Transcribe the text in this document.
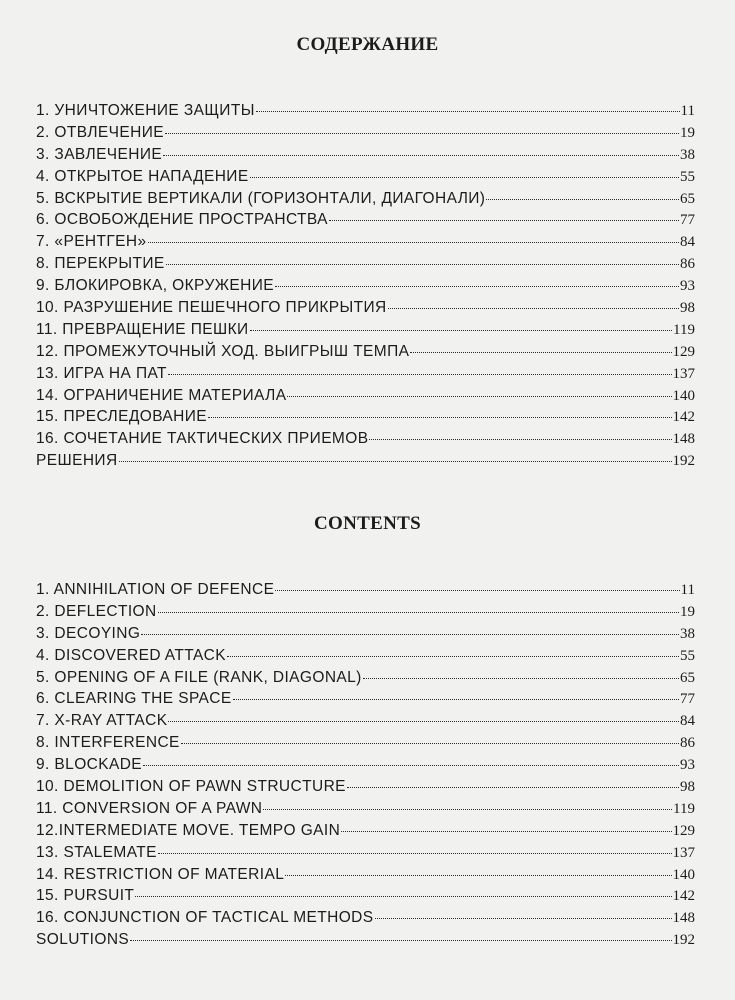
СОДЕРЖАНИЕ
1. УНИЧТОЖЕНИЕ ЗАЩИТЫ	11
2. ОТВЛЕЧЕНИЕ	19
3. ЗАВЛЕЧЕНИЕ	38
4. ОТКРЫТОЕ НАПАДЕНИЕ	55
5. ВСКРЫТИЕ ВЕРТИКАЛИ (ГОРИЗОНТАЛИ, ДИАГОНАЛИ)	65
6. ОСВОБОЖДЕНИЕ ПРОСТРАНСТВА	77
7. «РЕНТГЕН»	84
8. ПЕРЕКРЫТИЕ	86
9. БЛОКИРОВКА, ОКРУЖЕНИЕ	93
10. РАЗРУШЕНИЕ ПЕШЕЧНОГО ПРИКРЫТИЯ	98
11. ПРЕВРАЩЕНИЕ ПЕШКИ	119
12. ПРОМЕЖУТОЧНЫЙ ХОД. ВЫИГРЫШ ТЕМПА	129
13. ИГРА НА ПАТ	137
14. ОГРАНИЧЕНИЕ МАТЕРИАЛА	140
15. ПРЕСЛЕДОВАНИЕ	142
16. СОЧЕТАНИЕ ТАКТИЧЕСКИХ ПРИЕМОВ	148
РЕШЕНИЯ	192
CONTENTS
1. ANNIHILATION OF DEFENCE	11
2. DEFLECTION	19
3. DECOYING	38
4. DISCOVERED ATTACK	55
5. OPENING OF A FILE (RANK, DIAGONAL)	65
6. CLEARING THE SPACE	77
7. X-RAY ATTACK	84
8. INTERFERENCE	86
9. BLOCKADE	93
10. DEMOLITION OF PAWN STRUCTURE	98
11. CONVERSION OF A PAWN	119
12.INTERMEDIATE MOVE. TEMPO GAIN	129
13. STALEMATE	137
14. RESTRICTION OF MATERIAL	140
15. PURSUIT	142
16. CONJUNCTION OF TACTICAL METHODS	148
SOLUTIONS	192
